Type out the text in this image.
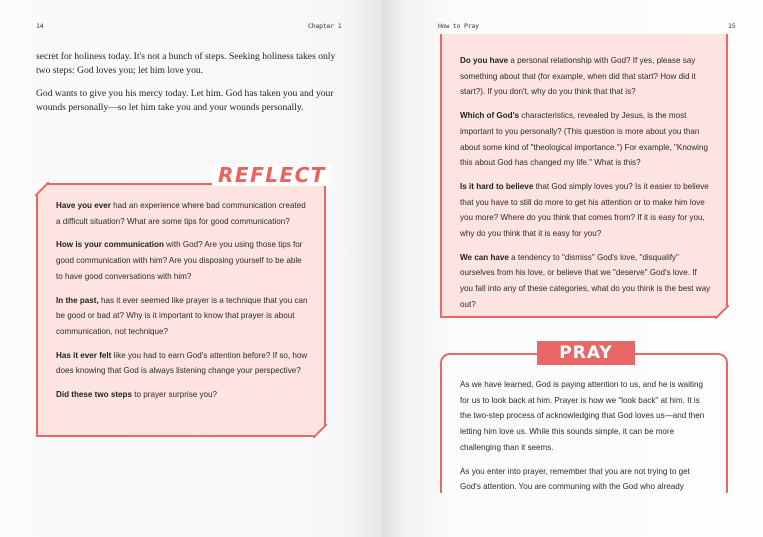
14	Chapter 1

secret for holiness today. It's not a bunch of steps. Seeking holiness takes only two steps: God loves you; let him love you.

God wants to give you his mercy today. Let him. God has taken you and your wounds personally—so let him take you and your wounds personally.

Have you ever had an experience where bad communication created a difficult situation? What are some tips for good communication?

How is your communication with God? Are you using those tips for good communication with him? Are you disposing yourself to be able to have good conversations with him?

In the past, has it ever seemed like prayer is a technique that you can be good or bad at? Why is it important to know that prayer is about communication, not technique?

Has it ever felt like you had to earn God's attention before? If so, how does knowing that God is always listening change your perspective?

Did these two steps to prayer surprise you?

REFLECT
How to Pray	15

Do you have a personal relationship with God? If yes, please say something about that (for example, when did that start? How did it start?). If you don't, why do you think that that is?

Which of God's characteristics, revealed by Jesus, is the most important to you personally? (This question is more about you than about some kind of "theological importance.") For example, "Knowing this about God has changed my life." What is this?

Is it hard to believe that God simply loves you? Is it easier to believe that you have to still do more to get his attention or to make him love you more? Where do you think that comes from? If it is easy for you, why do you think that it is easy for you?

We can have a tendency to "dismiss" God's love, "disqualify" ourselves from his love, or believe that we "deserve" God's love. If you fall into any of these categories, what do you think is the best way out?

As we have learned, God is paying attention to us, and he is waiting for us to look back at him. Prayer is how we "look back" at him. It is the two-step process of acknowledging that God loves us—and then letting him love us. While this sounds simple, it can be more challenging than it seems.

As you enter into prayer, remember that you are not trying to get God's attention. You are communing with the God who already

PRAY
